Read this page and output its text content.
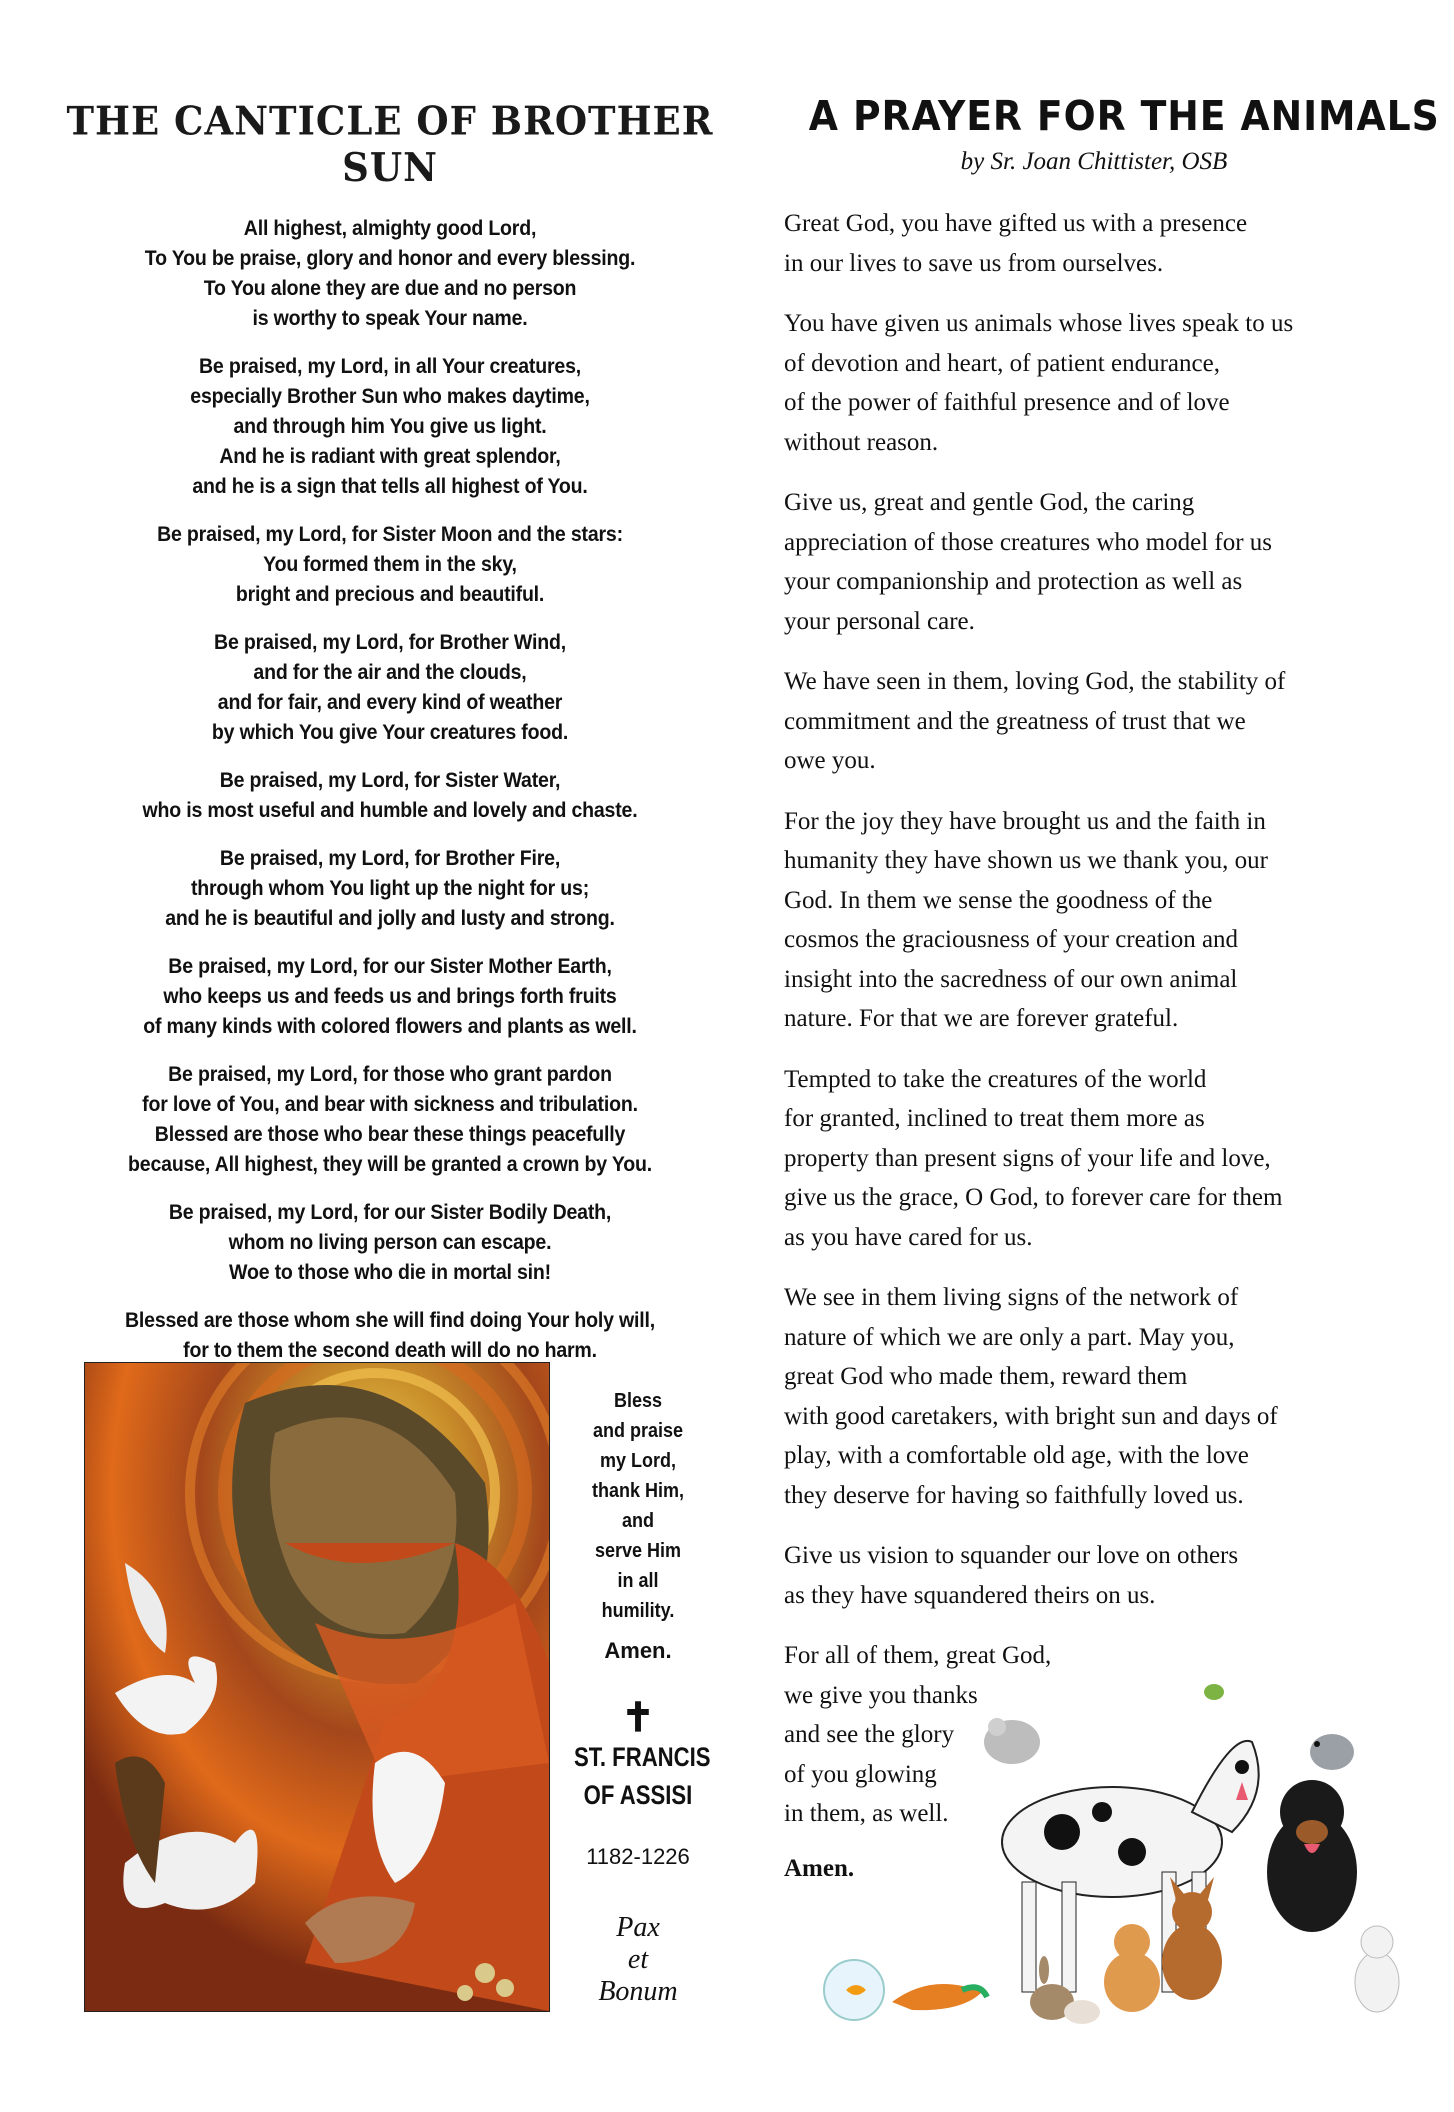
THE CANTICLE OF BROTHER SUN
All highest, almighty good Lord,
To You be praise, glory and honor and every blessing.
To You alone they are due and no person
is worthy to speak Your name.
Be praised, my Lord, in all Your creatures,
especially Brother Sun who makes daytime,
and through him You give us light.
And he is radiant with great splendor,
and he is a sign that tells all highest of You.
Be praised, my Lord, for Sister Moon and the stars:
You formed them in the sky,
bright and precious and beautiful.
Be praised, my Lord, for Brother Wind,
and for the air and the clouds,
and for fair, and every kind of weather
by which You give Your creatures food.
Be praised, my Lord, for Sister Water,
who is most useful and humble and lovely and chaste.
Be praised, my Lord, for Brother Fire,
through whom You light up the night for us;
and he is beautiful and jolly and lusty and strong.
Be praised, my Lord, for our Sister Mother Earth,
who keeps us and feeds us and brings forth fruits
of many kinds with colored flowers and plants as well.
Be praised, my Lord, for those who grant pardon
for love of You, and bear with sickness and tribulation.
Blessed are those who bear these things peacefully
because, All highest, they will be granted a crown by You.
Be praised, my Lord, for our Sister Bodily Death,
whom no living person can escape.
Woe to those who die in mortal sin!
Blessed are those whom she will find doing Your holy will,
for to them the second death will do no harm.
Bless
and praise
my Lord,
thank Him,
and
serve Him
in all
humility.
Amen.
✝
ST. FRANCIS
OF ASSISI
1182-1226
Pax
et
Bonum
A PRAYER FOR THE ANIMALS
by Sr. Joan Chittister, OSB
Great God, you have gifted us with a presence
in our lives to save us from ourselves.
You have given us animals whose lives speak to us
of devotion and heart, of patient endurance,
of the power of faithful presence and of love
without reason.
Give us, great and gentle God, the caring
appreciation of those creatures who model for us
your companionship and protection as well as
your personal care.
We have seen in them, loving God, the stability of
commitment and the greatness of trust that we
owe you.
For the joy they have brought us and the faith in
humanity they have shown us we thank you, our
God. In them we sense the goodness of the
cosmos the graciousness of your creation and
insight into the sacredness of our own animal
nature. For that we are forever grateful.
Tempted to take the creatures of the world
for granted, inclined to treat them more as
property than present signs of your life and love,
give us the grace, O God, to forever care for them
as you have cared for us.
We see in them living signs of the network of
nature of which we are only a part. May you,
great God who made them, reward them
with good caretakers, with bright sun and days of
play, with a comfortable old age, with the love
they deserve for having so faithfully loved us.
Give us vision to squander our love on others
as they have squandered theirs on us.
For all of them, great God,
we give you thanks
and see the glory
of you glowing
in them, as well.
Amen.
